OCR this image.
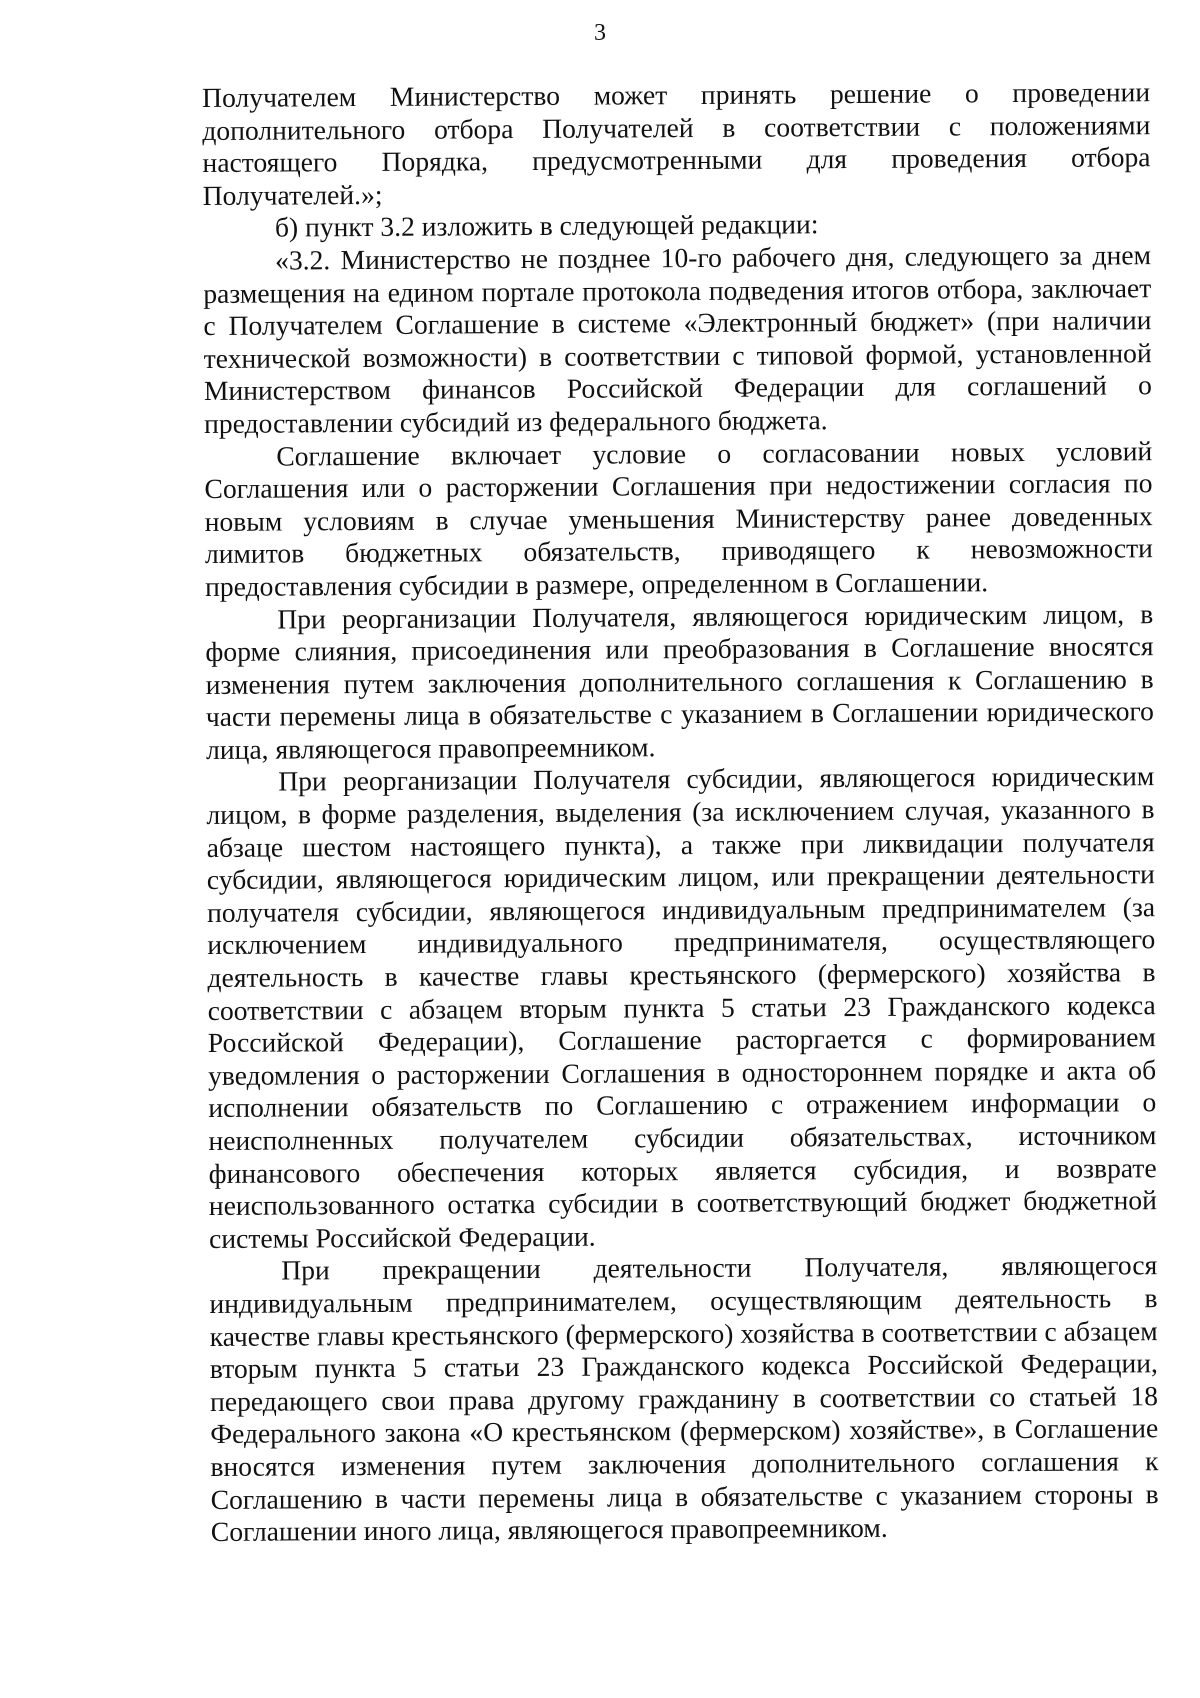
3

Получателем Министерство может принять решение о проведении дополнительного отбора Получателей в соответствии с положениями настоящего Порядка, предусмотренными для проведения отбора Получателей.»;

б) пункт 3.2 изложить в следующей редакции:

«3.2. Министерство не позднее 10-го рабочего дня, следующего за днем размещения на едином портале протокола подведения итогов отбора, заключает с Получателем Соглашение в системе «Электронный бюджет» (при наличии технической возможности) в соответствии с типовой формой, установленной Министерством финансов Российской Федерации для соглашений о предоставлении субсидий из федерального бюджета.

Соглашение включает условие о согласовании новых условий Соглашения или о расторжении Соглашения при недостижении согласия по новым условиям в случае уменьшения Министерству ранее доведенных лимитов бюджетных обязательств, приводящего к невозможности предоставления субсидии в размере, определенном в Соглашении.

При реорганизации Получателя, являющегося юридическим лицом, в форме слияния, присоединения или преобразования в Соглашение вносятся изменения путем заключения дополнительного соглашения к Соглашению в части перемены лица в обязательстве с указанием в Соглашении юридического лица, являющегося правопреемником.

При реорганизации Получателя субсидии, являющегося юридическим лицом, в форме разделения, выделения (за исключением случая, указанного в абзаце шестом настоящего пункта), а также при ликвидации получателя субсидии, являющегося юридическим лицом, или прекращении деятельности получателя субсидии, являющегося индивидуальным предпринимателем (за исключением индивидуального предпринимателя, осуществляющего деятельность в качестве главы крестьянского (фермерского) хозяйства в соответствии с абзацем вторым пункта 5 статьи 23 Гражданского кодекса Российской Федерации), Соглашение расторгается с формированием уведомления о расторжении Соглашения в одностороннем порядке и акта об исполнении обязательств по Соглашению с отражением информации о неисполненных получателем субсидии обязательствах, источником финансового обеспечения которых является субсидия, и возврате неиспользованного остатка субсидии в соответствующий бюджет бюджетной системы Российской Федерации.

При прекращении деятельности Получателя, являющегося индивидуальным предпринимателем, осуществляющим деятельность в качестве главы крестьянского (фермерского) хозяйства в соответствии с абзацем вторым пункта 5 статьи 23 Гражданского кодекса Российской Федерации, передающего свои права другому гражданину в соответствии со статьей 18 Федерального закона «О крестьянском (фермерском) хозяйстве», в Соглашение вносятся изменения путем заключения дополнительного соглашения к Соглашению в части перемены лица в обязательстве с указанием стороны в Соглашении иного лица, являющегося правопреемником.
